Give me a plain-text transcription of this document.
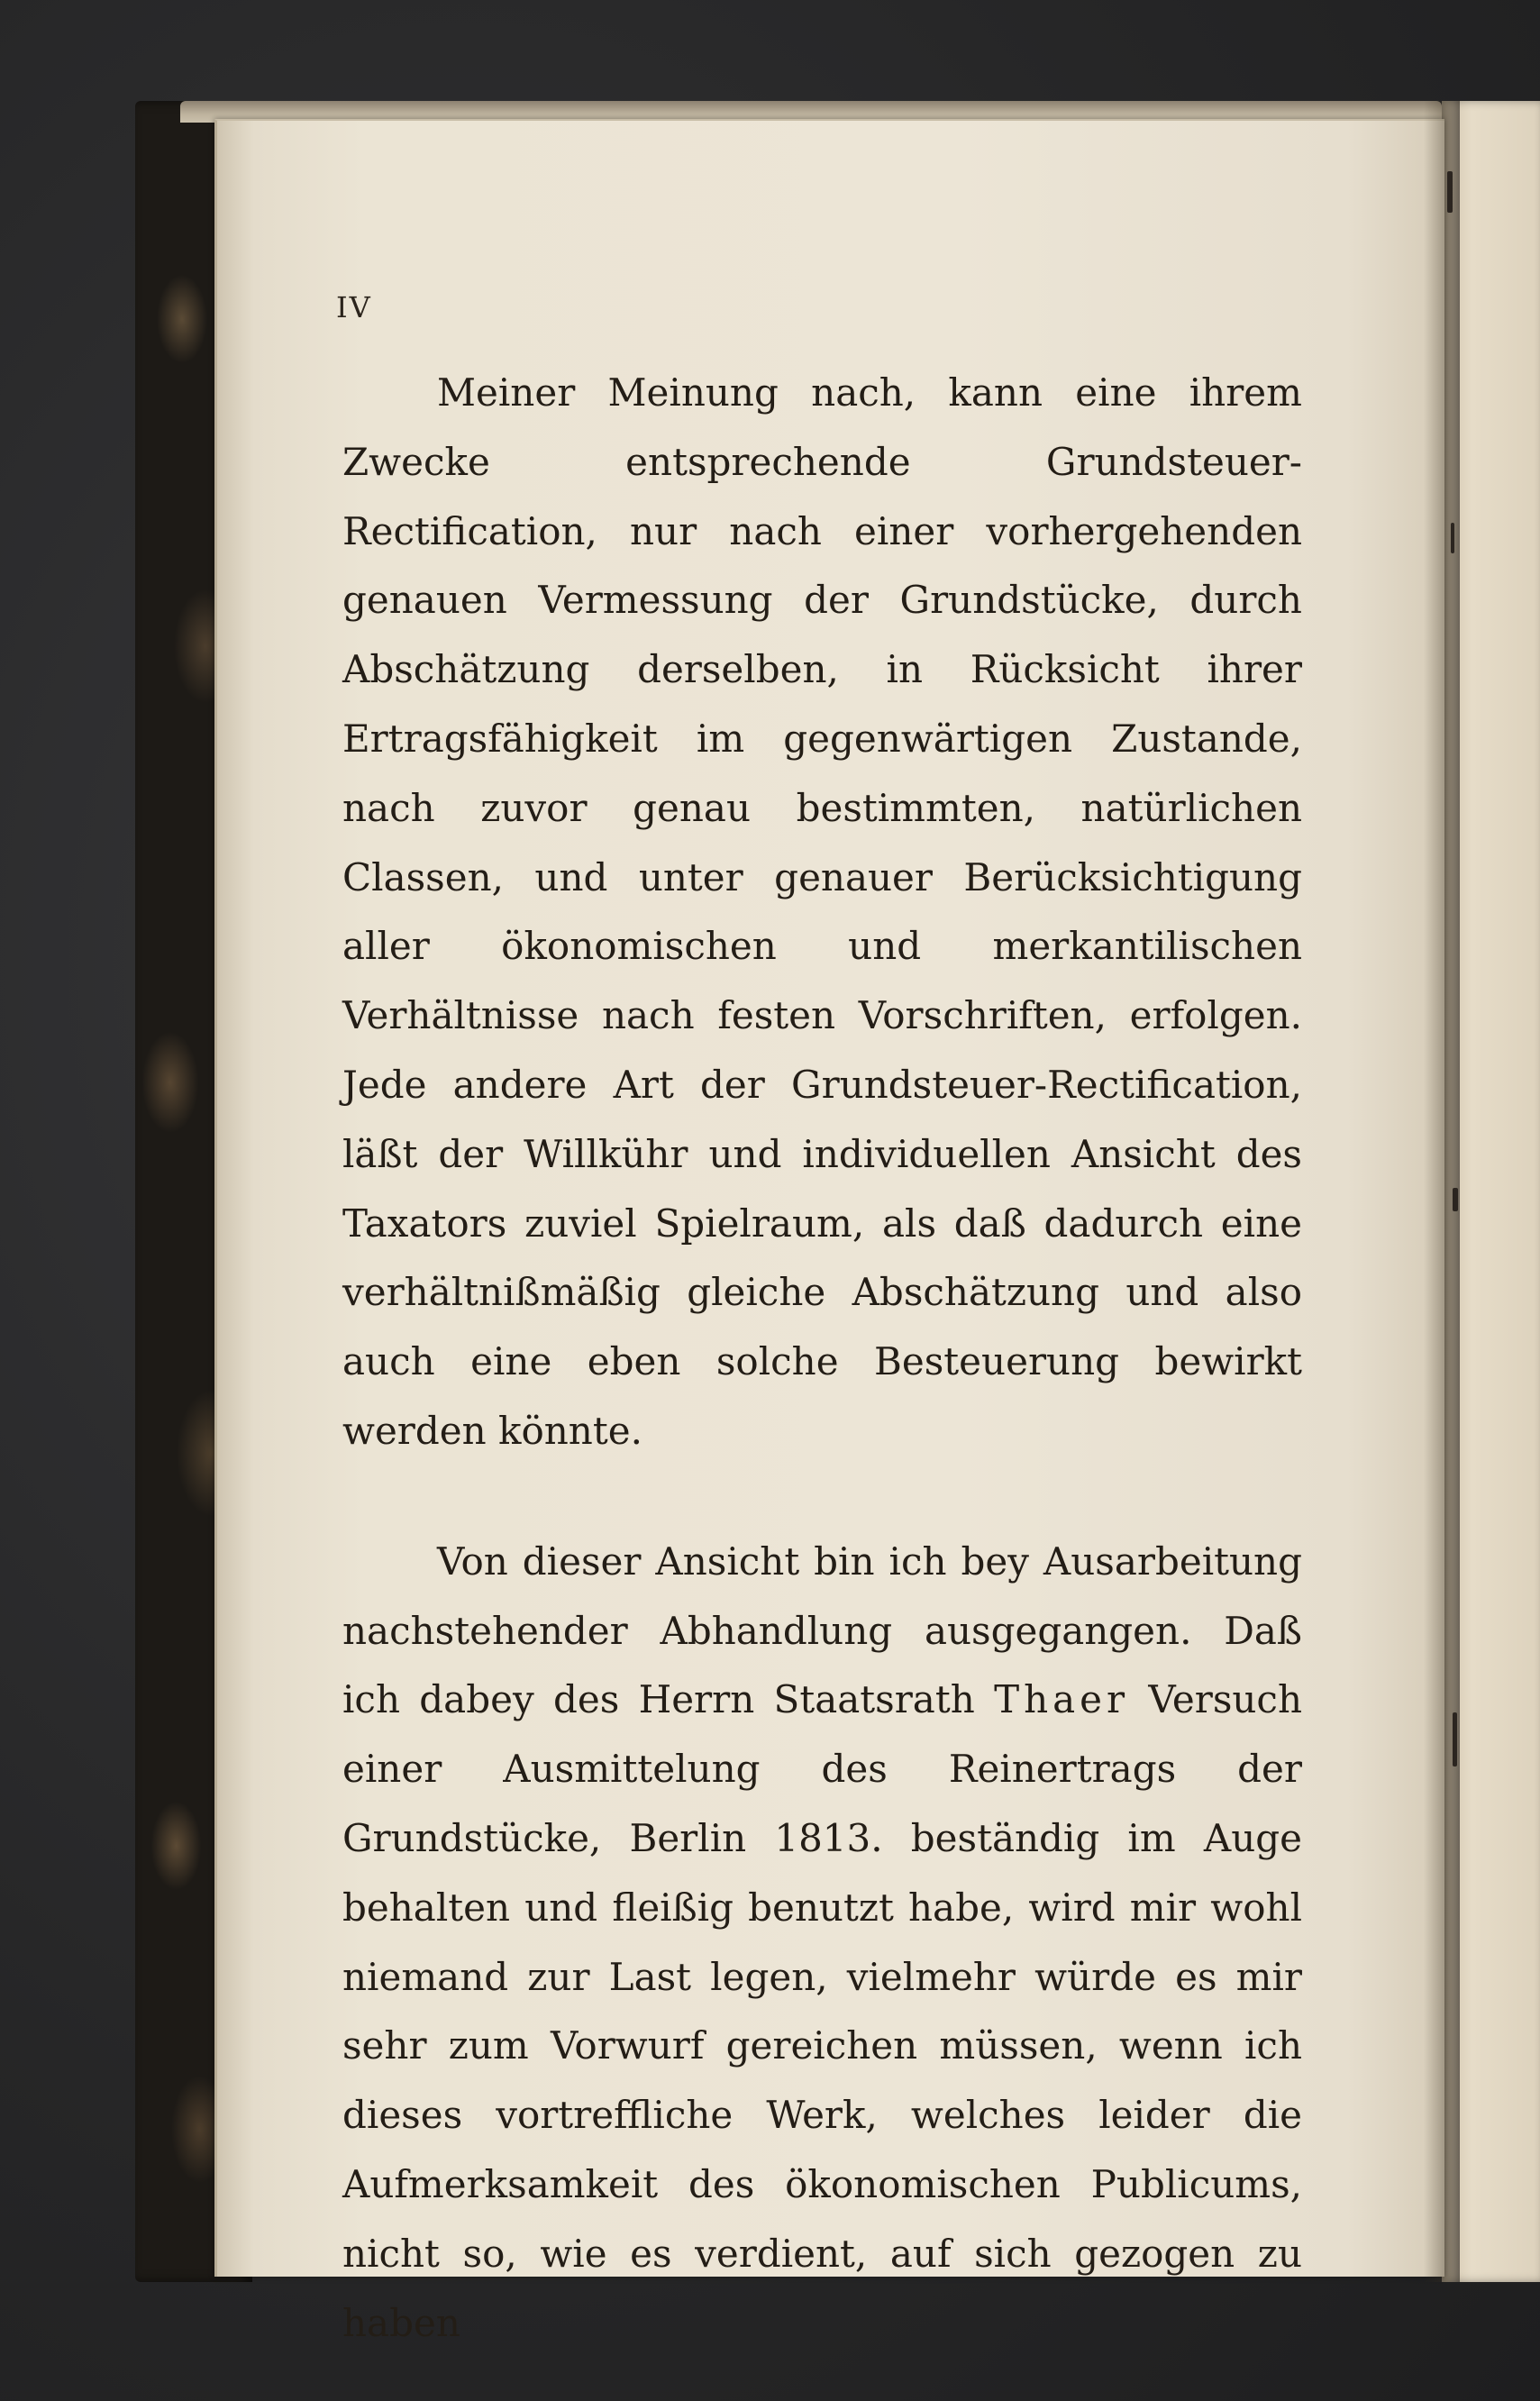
IV

Meiner Meinung nach, kann eine ihrem Zwecke entsprechende Grundsteuer-Rectification, nur nach einer vorhergehenden genauen Vermessung der Grundstücke, durch Abschätzung derselben, in Rücksicht ihrer Ertragsfähigkeit im gegenwärtigen Zustande, nach zuvor genau bestimmten, natürlichen Classen, und unter genauer Berücksichtigung aller ökonomischen und merkantilischen Verhältnisse nach festen Vorschriften, erfolgen. Jede andere Art der Grundsteuer-Rectification, läßt der Willkühr und individuellen Ansicht des Taxators zuviel Spielraum, als daß dadurch eine verhältnißmäßig gleiche Abschätzung und also auch eine eben solche Besteuerung bewirkt werden könnte.

Von dieser Ansicht bin ich bey Ausarbeitung nachstehender Abhandlung ausgegangen. Daß ich dabey des Herrn Staatsrath Thaer Versuch einer Ausmittelung des Reinertrags der Grundstücke, Berlin 1813. beständig im Auge behalten und fleißig benutzt habe, wird mir wohl niemand zur Last legen, vielmehr würde es mir sehr zum Vorwurf gereichen müssen, wenn ich dieses vortreffliche Werk, welches leider die Aufmerksamkeit des ökonomischen Publicums, nicht so, wie es verdient, auf sich gezogen zu haben
